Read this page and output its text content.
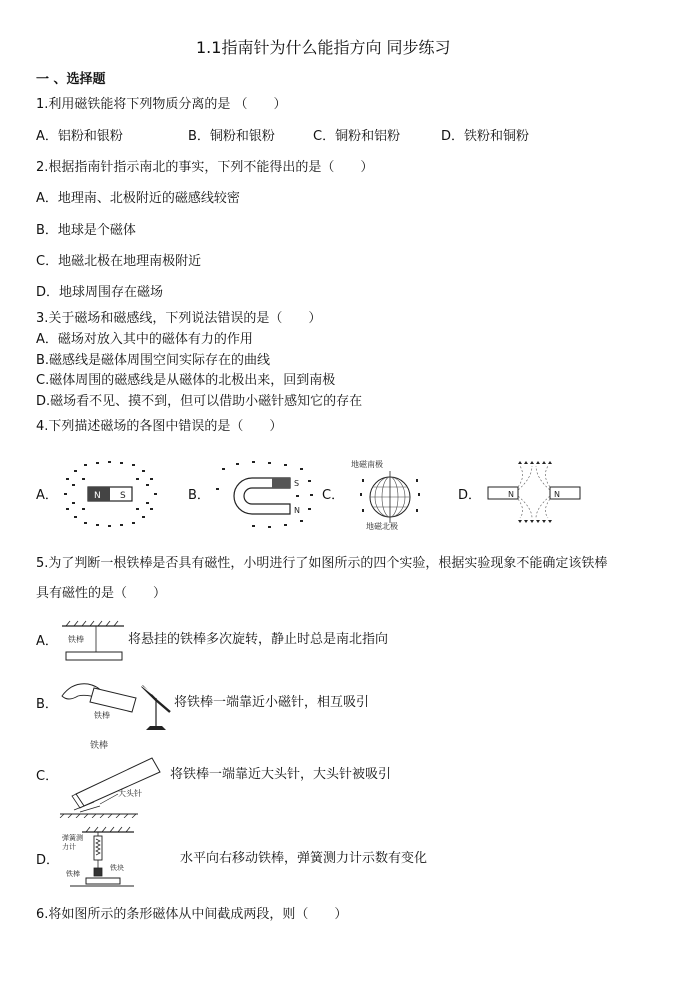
1.1指南针为什么能指方向 同步练习
一 、选择题
1.利用磁铁能将下列物质分离的是 （　　）
A．铝粉和银粉	B．铜粉和银粉	C．铜粉和铝粉	D．铁粉和铜粉
2.根据指南针指示南北的事实，下列不能得出的是（　　）
A．地理南、北极附近的磁感线较密
B．地球是个磁体
C．地磁北极在地理南极附近
D．地球周围存在磁场
3.关于磁场和磁感线，下列说法错误的是（　　）
A．磁场对放入其中的磁体有力的作用
B.磁感线是磁体周围空间实际存在的曲线
C.磁体周围的磁感线是从磁体的北极出来，回到南极
D.磁场看不见、摸不到，但可以借助小磁针感知它的存在
4.下列描述磁场的各图中错误的是（　　）
A．	B．	C．	D．
N S
S
N
地磁南极
地磁北极
N	N
5.为了判断一根铁棒是否具有磁性，小明进行了如图所示的四个实验，根据实验现象不能确定该铁棒
具有磁性的是（　　）
A．	将悬挂的铁棒多次旋转，静止时总是南北指向
铁棒
B．	将铁棒一端靠近小磁针，相互吸引
铁棒
C．	将铁棒一端靠近大头针，大头针被吸引
铁棒
大头针
D．	水平向右移动铁棒，弹簧测力计示数有变化
弹簧测
力计
铁块
铁棒
6.将如图所示的条形磁体从中间截成两段，则（　　）
